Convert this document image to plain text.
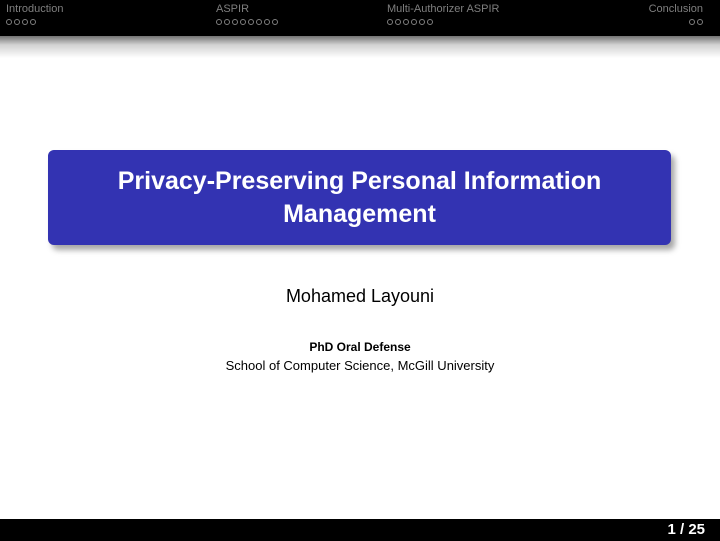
Introduction	ASPIR	Multi-Authorizer ASPIR	Conclusion
Privacy-Preserving Personal Information Management
Mohamed Layouni
PhD Oral Defense
School of Computer Science, McGill University
1 / 25
